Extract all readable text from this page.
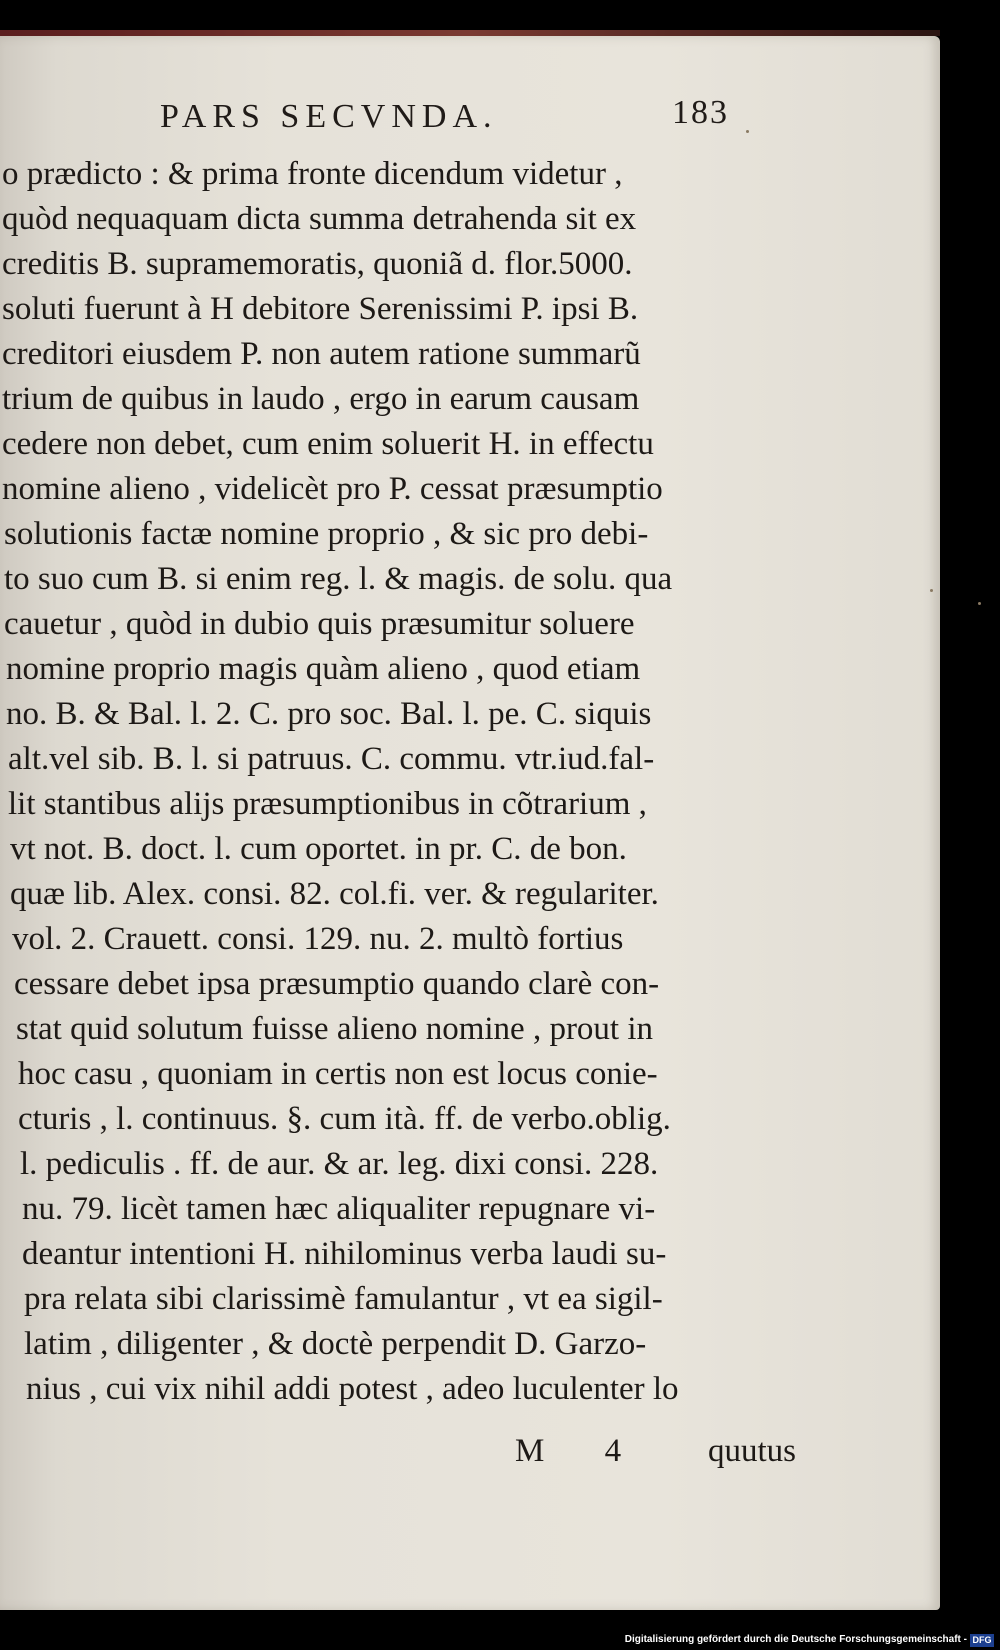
PARS SECVNDA.	183
o prædicto : & prima fronte dicendum videtur ,
quòd nequaquam dicta summa detrahenda sit ex
creditis B. supramemoratis, quoniã d. flor.5000.
soluti fuerunt à H debitore Serenissimi P. ipsi B.
creditori eiusdem P. non autem ratione summarũ
trium de quibus in laudo , ergo in earum causam
cedere non debet, cum enim soluerit H. in effectu
nomine alieno , videlicèt pro P. cessat præsumptio
solutionis factæ nomine proprio , & sic pro debi-
to suo cum B. si enim reg. l. & magis. de solu. qua
cauetur , quòd in dubio quis præsumitur soluere
nomine proprio magis quàm alieno , quod etiam
no. B. & Bal. l. 2. C. pro soc. Bal. l. pe. C. siquis
alt.vel sib. B. l. si patruus. C. commu. vtr.iud.fal-
lit stantibus alijs præsumptionibus in cõtrarium ,
vt not. B. doct. l. cum oportet. in pr. C. de bon.
quæ lib. Alex. consi. 82. col.fi. ver. & regulariter.
vol. 2. Crauett. consi. 129. nu. 2. multò fortius
cessare debet ipsa præsumptio quando clarè con-
stat quid solutum fuisse alieno nomine , prout in
hoc casu , quoniam in certis non est locus conie-
cturis , l. continuus. §. cum ità. ff. de verbo.oblig.
l. pediculis . ff. de aur. & ar. leg. dixi consi. 228.
nu. 79. licèt tamen hæc aliqualiter repugnare vi-
deantur intentioni H. nihilominus verba laudi su-
pra relata sibi clarissimè famulantur , vt ea sigil-
latim , diligenter , & doctè perpendit D. Garzo-
nius , cui vix nihil addi potest , adeo luculenter lo
M 4 quutus
Digitalisierung gefördert durch die Deutsche Forschungsgemeinschaft - DFG
